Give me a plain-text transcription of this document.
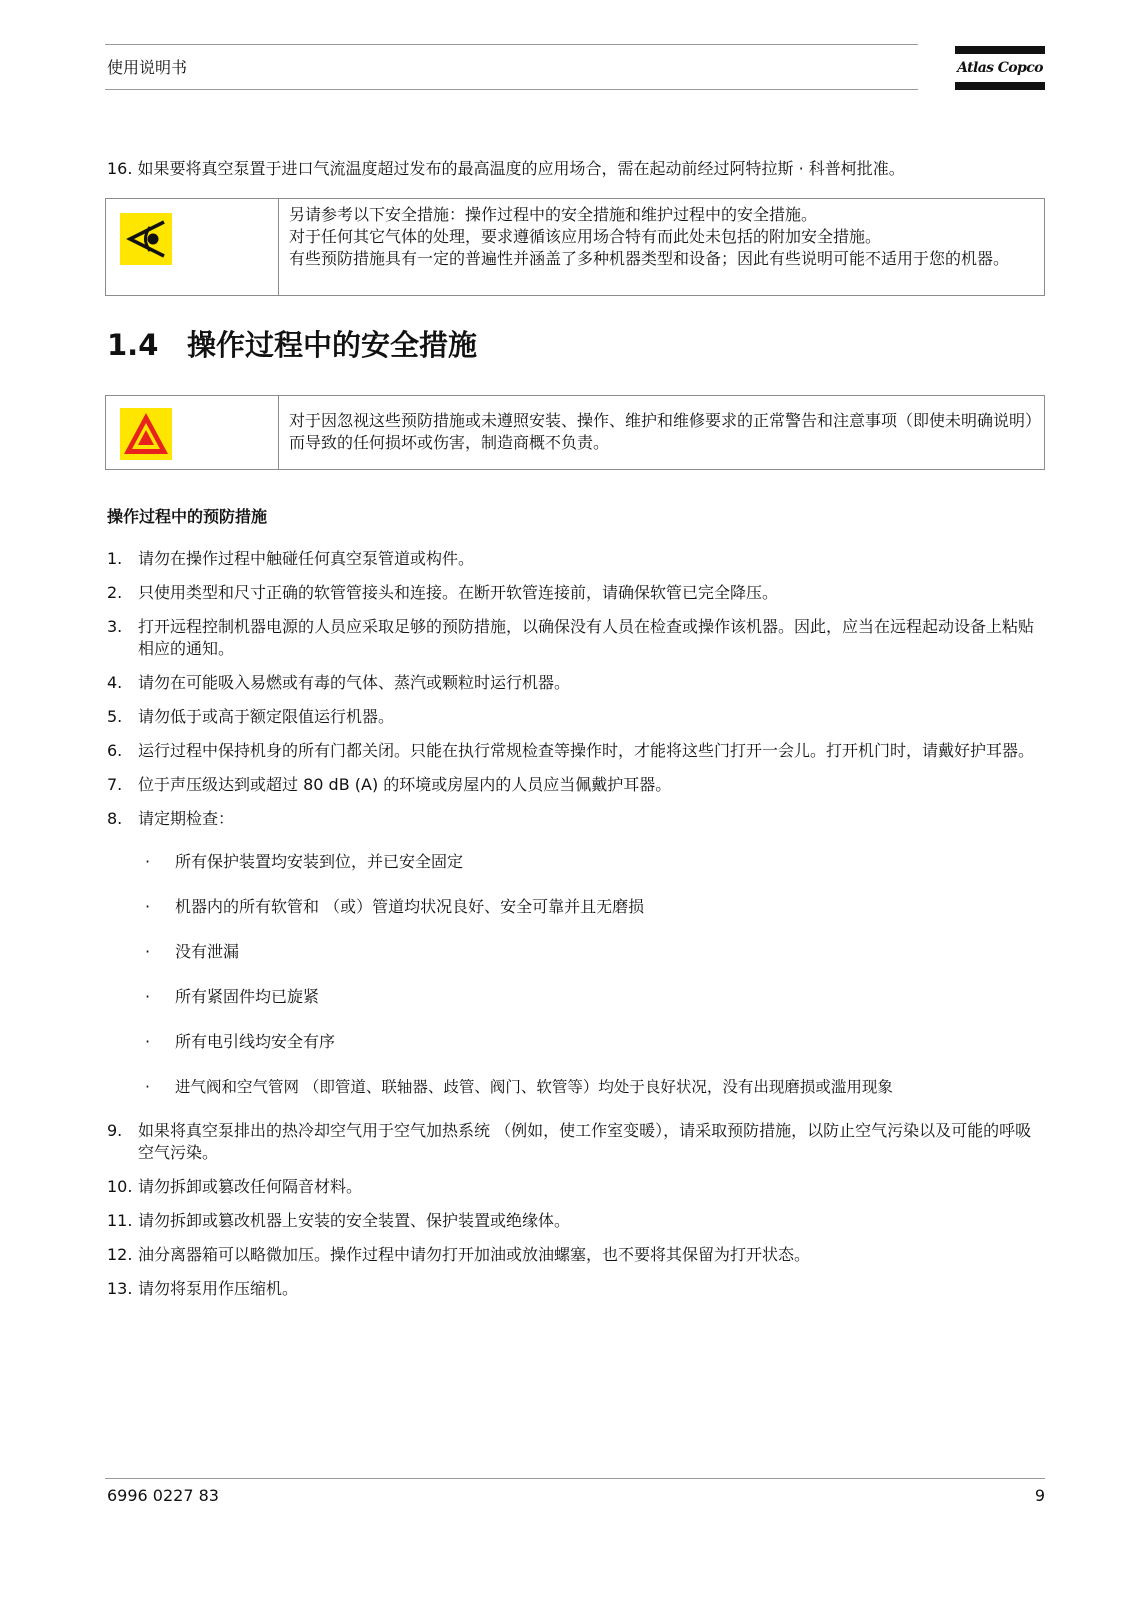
使用说明书	Atlas Copco
16. 如果要将真空泵置于进口气流温度超过发布的最高温度的应用场合，需在起动前经过阿特拉斯 · 科普柯批准。
另请参考以下安全措施：操作过程中的安全措施和维护过程中的安全措施。
对于任何其它气体的处理，要求遵循该应用场合特有而此处未包括的附加安全措施。
有些预防措施具有一定的普遍性并涵盖了多种机器类型和设备；因此有些说明可能不适用于您的机器。
1.4 操作过程中的安全措施
对于因忽视这些预防措施或未遵照安装、操作、维护和维修要求的正常警告和注意事项（即使未明确说明）而导致的任何损坏或伤害，制造商概不负责。
操作过程中的预防措施
1. 请勿在操作过程中触碰任何真空泵管道或构件。
2. 只使用类型和尺寸正确的软管管接头和连接。在断开软管连接前，请确保软管已完全降压。
3. 打开远程控制机器电源的人员应采取足够的预防措施，以确保没有人员在检查或操作该机器。因此，应当在远程起动设备上粘贴相应的通知。
4. 请勿在可能吸入易燃或有毒的气体、蒸汽或颗粒时运行机器。
5. 请勿低于或高于额定限值运行机器。
6. 运行过程中保持机身的所有门都关闭。只能在执行常规检查等操作时，才能将这些门打开一会儿。打开机门时，请戴好护耳器。
7. 位于声压级达到或超过 80 dB (A) 的环境或房屋内的人员应当佩戴护耳器。
8. 请定期检查：
· 所有保护装置均安装到位，并已安全固定
· 机器内的所有软管和 （或）管道均状况良好、安全可靠并且无磨损
· 没有泄漏
· 所有紧固件均已旋紧
· 所有电引线均安全有序
· 进气阀和空气管网 （即管道、联轴器、歧管、阀门、软管等）均处于良好状况，没有出现磨损或滥用现象
9. 如果将真空泵排出的热冷却空气用于空气加热系统 （例如，使工作室变暖），请采取预防措施，以防止空气污染以及可能的呼吸空气污染。
10. 请勿拆卸或篡改任何隔音材料。
11. 请勿拆卸或篡改机器上安装的安全装置、保护装置或绝缘体。
12. 油分离器箱可以略微加压。操作过程中请勿打开加油或放油螺塞，也不要将其保留为打开状态。
13. 请勿将泵用作压缩机。
6996 0227 83	9
